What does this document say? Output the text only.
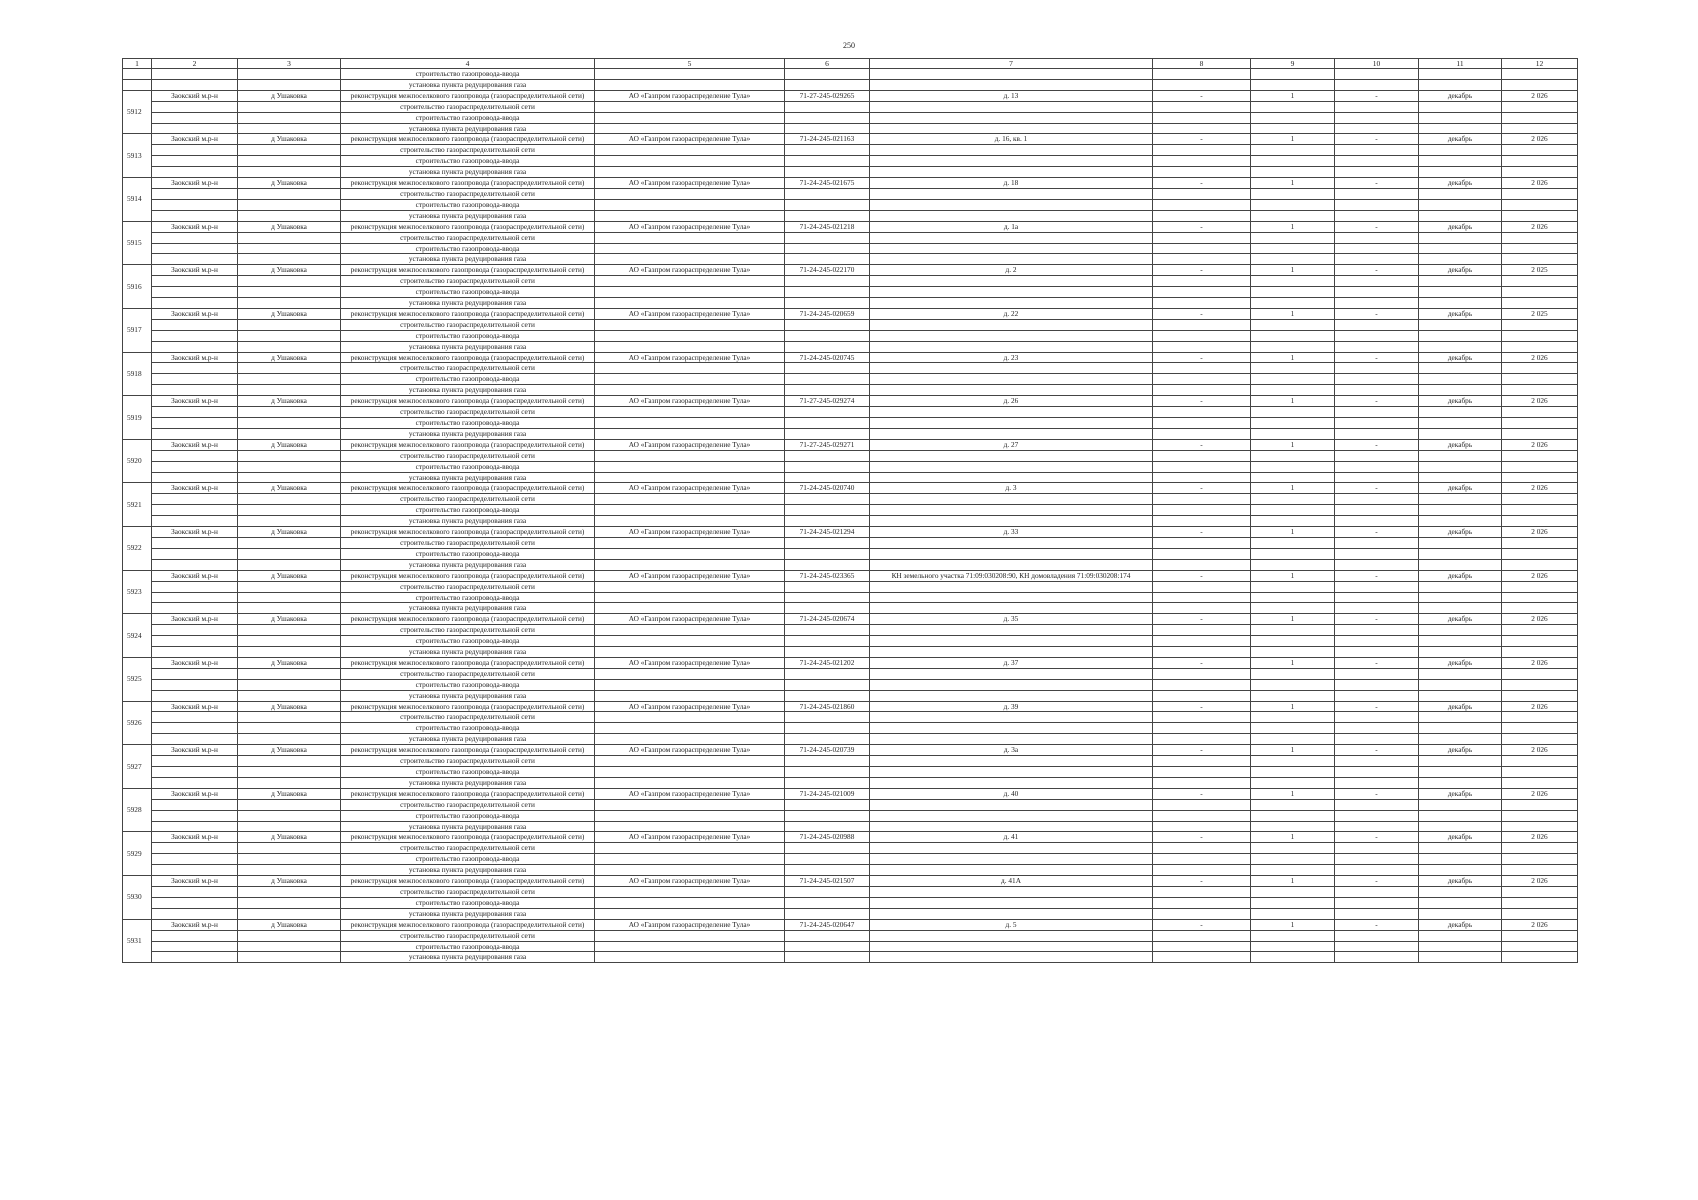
250
1	2	3	4	5	6	7	8	9	10	11	12
			строительство газопровода-ввода								
			установка пункта редуцирования газа								
5912	Заокский м.р-н	д Ушаковка	реконструкция межпоселкового газопровода (газораспределительной сети)	АО «Газпром газораспределение Тула»	71-27-245-029265	д. 13	-	1	-	декабрь	2 026
			строительство газораспределительной сети								
			строительство газопровода-ввода								
			установка пункта редуцирования газа								
5913	Заокский м.р-н	д Ушаковка	реконструкция межпоселкового газопровода (газораспределительной сети)	АО «Газпром газораспределение Тула»	71-24-245-021163	д. 16, кв. 1	-	1	-	декабрь	2 026
			строительство газораспределительной сети								
			строительство газопровода-ввода								
			установка пункта редуцирования газа								
5914	Заокский м.р-н	д Ушаковка	реконструкция межпоселкового газопровода (газораспределительной сети)	АО «Газпром газораспределение Тула»	71-24-245-021675	д. 18	-	1	-	декабрь	2 026
			строительство газораспределительной сети								
			строительство газопровода-ввода								
			установка пункта редуцирования газа								
5915	Заокский м.р-н	д Ушаковка	реконструкция межпоселкового газопровода (газораспределительной сети)	АО «Газпром газораспределение Тула»	71-24-245-021218	д. 1а	-	1	-	декабрь	2 026
			строительство газораспределительной сети								
			строительство газопровода-ввода								
			установка пункта редуцирования газа								
5916	Заокский м.р-н	д Ушаковка	реконструкция межпоселкового газопровода (газораспределительной сети)	АО «Газпром газораспределение Тула»	71-24-245-022170	д. 2	-	1	-	декабрь	2 025
			строительство газораспределительной сети								
			строительство газопровода-ввода								
			установка пункта редуцирования газа								
5917	Заокский м.р-н	д Ушаковка	реконструкция межпоселкового газопровода (газораспределительной сети)	АО «Газпром газораспределение Тула»	71-24-245-020659	д. 22	-	1	-	декабрь	2 025
			строительство газораспределительной сети								
			строительство газопровода-ввода								
			установка пункта редуцирования газа								
5918	Заокский м.р-н	д Ушаковка	реконструкция межпоселкового газопровода (газораспределительной сети)	АО «Газпром газораспределение Тула»	71-24-245-020745	д. 23	-	1	-	декабрь	2 026
			строительство газораспределительной сети								
			строительство газопровода-ввода								
			установка пункта редуцирования газа								
5919	Заокский м.р-н	д Ушаковка	реконструкция межпоселкового газопровода (газораспределительной сети)	АО «Газпром газораспределение Тула»	71-27-245-029274	д. 26	-	1	-	декабрь	2 026
			строительство газораспределительной сети								
			строительство газопровода-ввода								
			установка пункта редуцирования газа								
5920	Заокский м.р-н	д Ушаковка	реконструкция межпоселкового газопровода (газораспределительной сети)	АО «Газпром газораспределение Тула»	71-27-245-029271	д. 27	-	1	-	декабрь	2 026
			строительство газораспределительной сети								
			строительство газопровода-ввода								
			установка пункта редуцирования газа								
5921	Заокский м.р-н	д Ушаковка	реконструкция межпоселкового газопровода (газораспределительной сети)	АО «Газпром газораспределение Тула»	71-24-245-020740	д. 3	-	1	-	декабрь	2 026
			строительство газораспределительной сети								
			строительство газопровода-ввода								
			установка пункта редуцирования газа								
5922	Заокский м.р-н	д Ушаковка	реконструкция межпоселкового газопровода (газораспределительной сети)	АО «Газпром газораспределение Тула»	71-24-245-021294	д. 33	-	1	-	декабрь	2 026
			строительство газораспределительной сети								
			строительство газопровода-ввода								
			установка пункта редуцирования газа								
5923	Заокский м.р-н	д Ушаковка	реконструкция межпоселкового газопровода (газораспределительной сети)	АО «Газпром газораспределение Тула»	71-24-245-023365	КН земельного участка 71:09:030208:90, КН домовладения 71:09:030208:174	-	1	-	декабрь	2 026
			строительство газораспределительной сети								
			строительство газопровода-ввода								
			установка пункта редуцирования газа								
5924	Заокский м.р-н	д Ушаковка	реконструкция межпоселкового газопровода (газораспределительной сети)	АО «Газпром газораспределение Тула»	71-24-245-020674	д. 35	-	1	-	декабрь	2 026
			строительство газораспределительной сети								
			строительство газопровода-ввода								
			установка пункта редуцирования газа								
5925	Заокский м.р-н	д Ушаковка	реконструкция межпоселкового газопровода (газораспределительной сети)	АО «Газпром газораспределение Тула»	71-24-245-021202	д. 37	-	1	-	декабрь	2 026
			строительство газораспределительной сети								
			строительство газопровода-ввода								
			установка пункта редуцирования газа								
5926	Заокский м.р-н	д Ушаковка	реконструкция межпоселкового газопровода (газораспределительной сети)	АО «Газпром газораспределение Тула»	71-24-245-021860	д. 39	-	1	-	декабрь	2 026
			строительство газораспределительной сети								
			строительство газопровода-ввода								
			установка пункта редуцирования газа								
5927	Заокский м.р-н	д Ушаковка	реконструкция межпоселкового газопровода (газораспределительной сети)	АО «Газпром газораспределение Тула»	71-24-245-020739	д. 3а	-	1	-	декабрь	2 026
			строительство газораспределительной сети								
			строительство газопровода-ввода								
			установка пункта редуцирования газа								
5928	Заокский м.р-н	д Ушаковка	реконструкция межпоселкового газопровода (газораспределительной сети)	АО «Газпром газораспределение Тула»	71-24-245-021009	д. 40	-	1	-	декабрь	2 026
			строительство газораспределительной сети								
			строительство газопровода-ввода								
			установка пункта редуцирования газа								
5929	Заокский м.р-н	д Ушаковка	реконструкция межпоселкового газопровода (газораспределительной сети)	АО «Газпром газораспределение Тула»	71-24-245-020988	д. 41	-	1	-	декабрь	2 026
			строительство газораспределительной сети								
			строительство газопровода-ввода								
			установка пункта редуцирования газа								
5930	Заокский м.р-н	д Ушаковка	реконструкция межпоселкового газопровода (газораспределительной сети)	АО «Газпром газораспределение Тула»	71-24-245-021507	д. 41А	-	1	-	декабрь	2 026
			строительство газораспределительной сети								
			строительство газопровода-ввода								
			установка пункта редуцирования газа								
5931	Заокский м.р-н	д Ушаковка	реконструкция межпоселкового газопровода (газораспределительной сети)	АО «Газпром газораспределение Тула»	71-24-245-020647	д. 5	-	1	-	декабрь	2 026
			строительство газораспределительной сети								
			строительство газопровода-ввода								
			установка пункта редуцирования газа								
